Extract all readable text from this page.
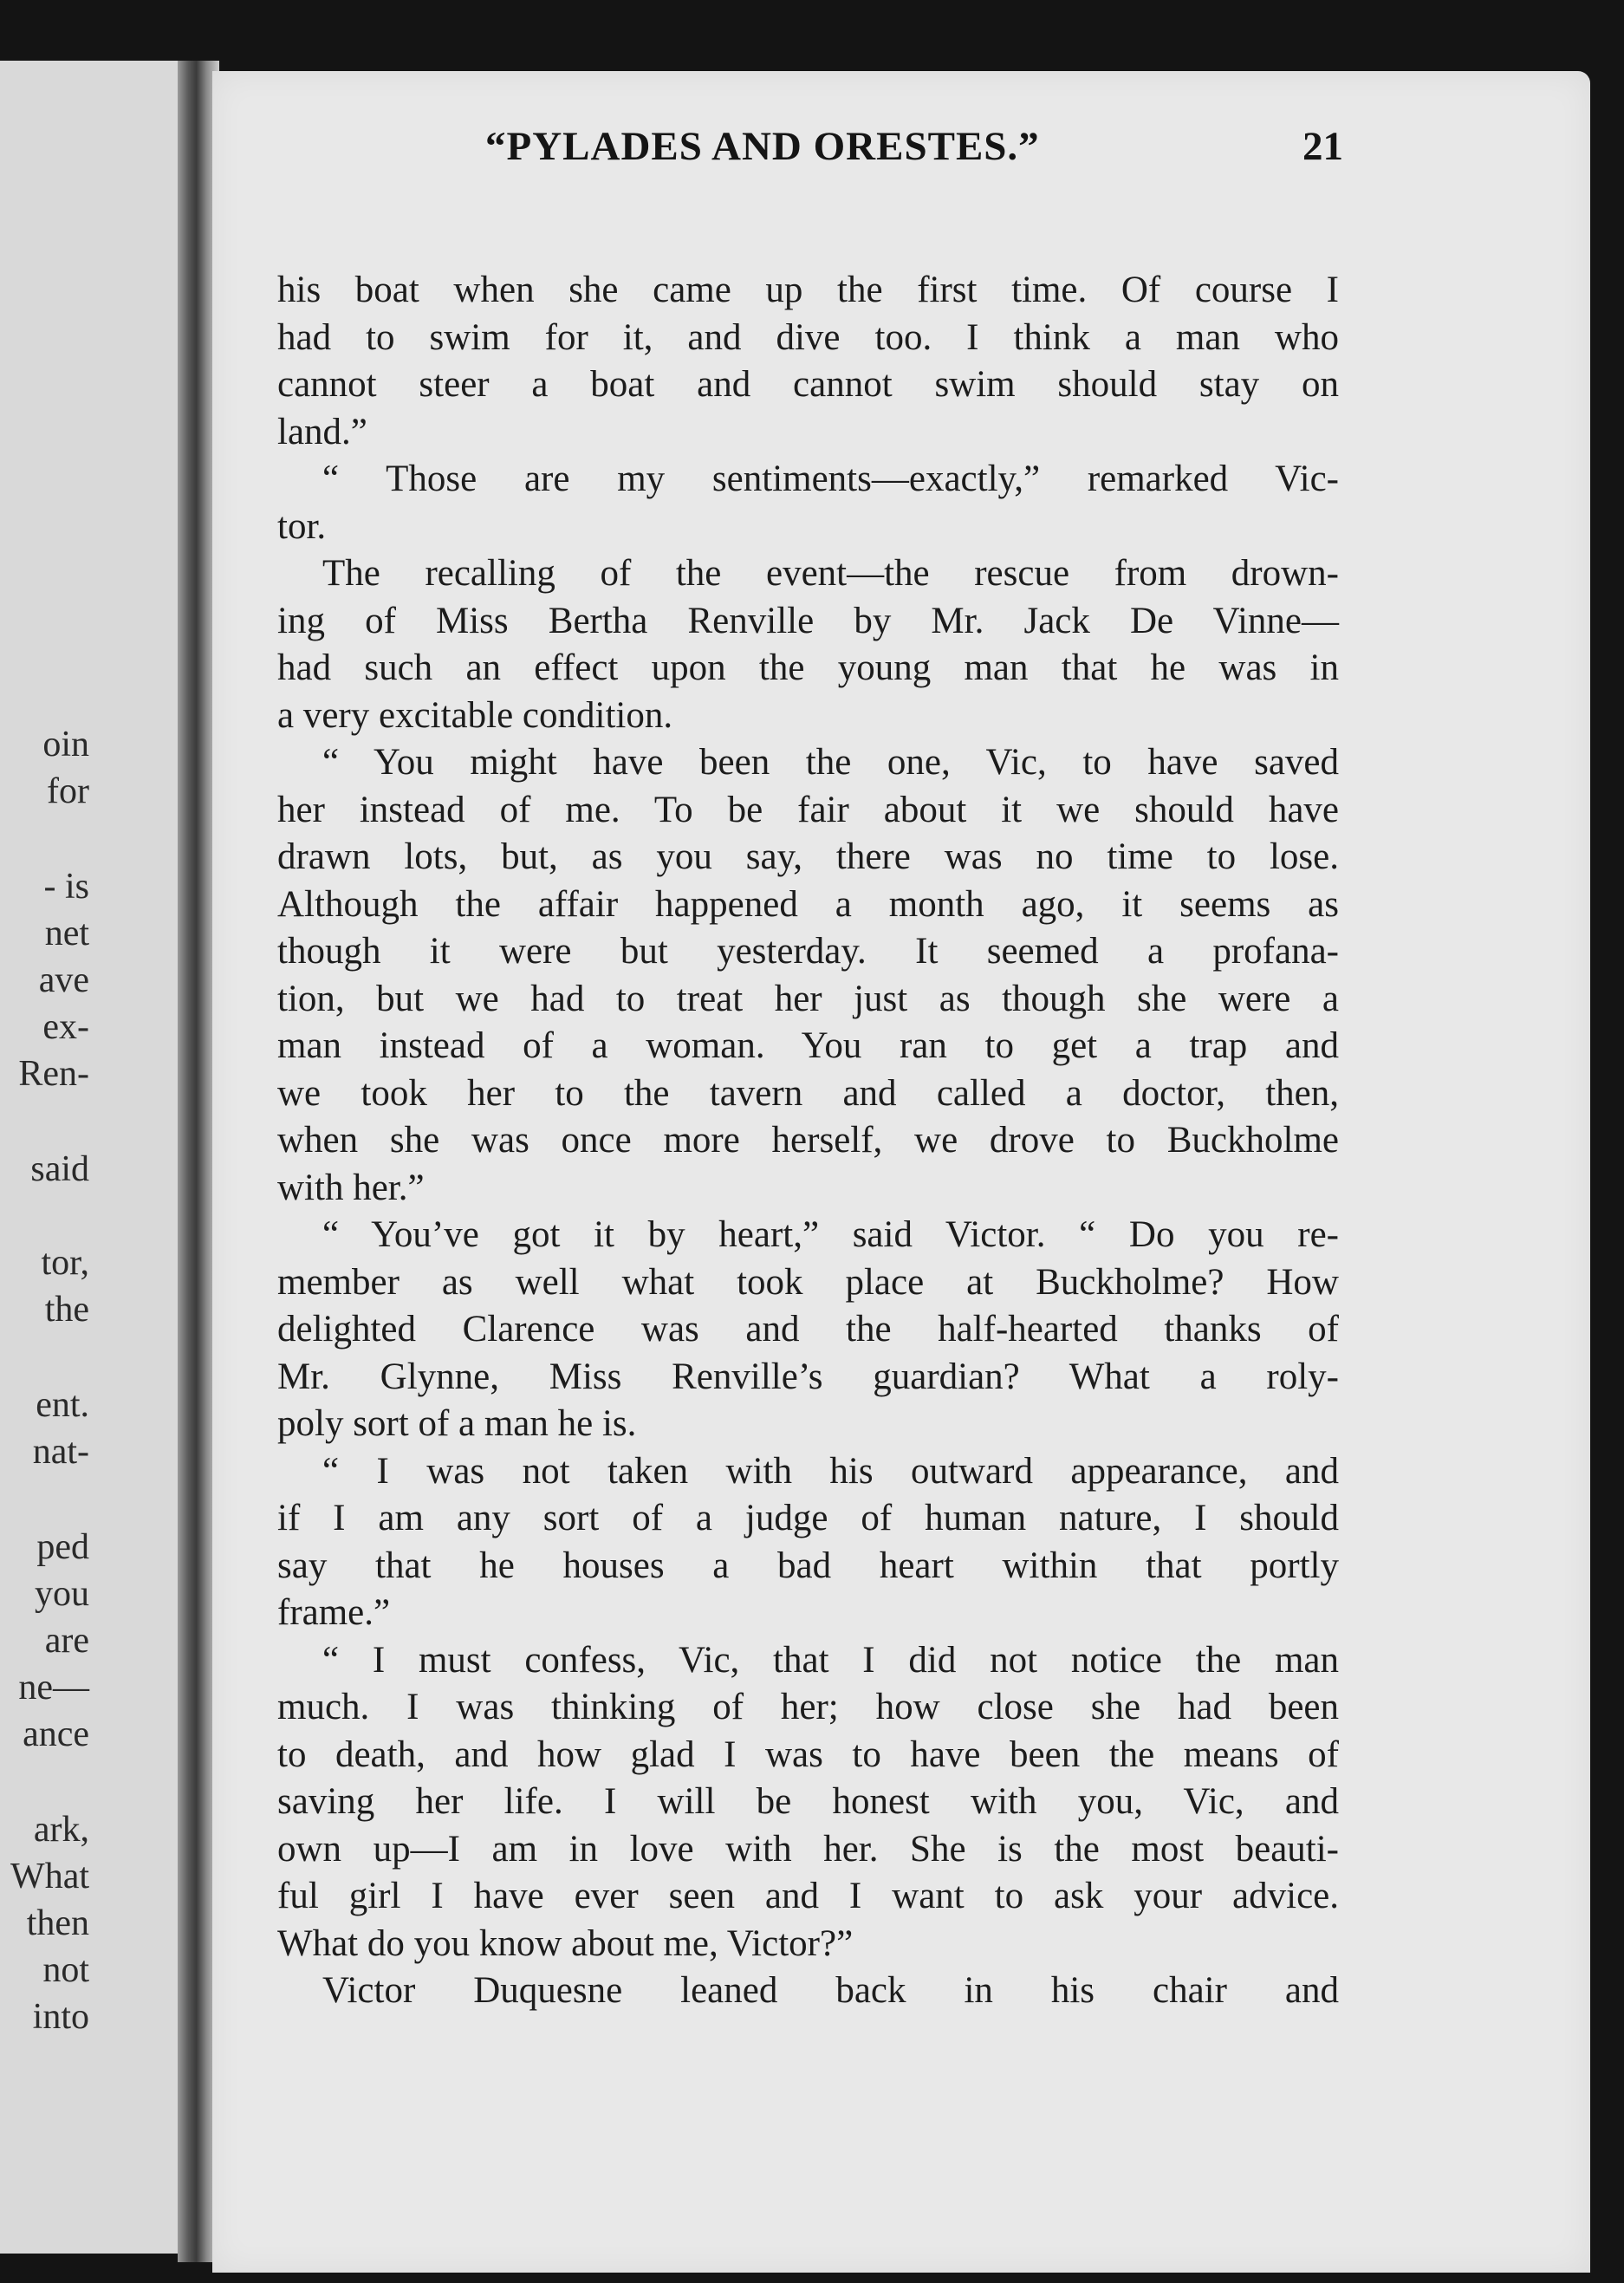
oin
for
- is
net
ave
ex-
Ren-
said
tor,
the
ent.
nat-
ped
you
are
ne—
ance
ark,
What
then
not
into
“PYLADES AND ORESTES.”	21
his boat when she came up the first time. Of course I
had to swim for it, and dive too. I think a man who
cannot steer a boat and cannot swim should stay on
land.”
“ Those are my sentiments—exactly,” remarked Vic-
tor.
The recalling of the event—the rescue from drown-
ing of Miss Bertha Renville by Mr. Jack De Vinne—
had such an effect upon the young man that he was in
a very excitable condition.
“ You might have been the one, Vic, to have saved
her instead of me. To be fair about it we should have
drawn lots, but, as you say, there was no time to lose.
Although the affair happened a month ago, it seems as
though it were but yesterday. It seemed a profana-
tion, but we had to treat her just as though she were a
man instead of a woman. You ran to get a trap and
we took her to the tavern and called a doctor, then,
when she was once more herself, we drove to Buckholme
with her.”
“ You’ve got it by heart,” said Victor. “ Do you re-
member as well what took place at Buckholme? How
delighted Clarence was and the half-hearted thanks of
Mr. Glynne, Miss Renville’s guardian? What a roly-
poly sort of a man he is.
“ I was not taken with his outward appearance, and
if I am any sort of a judge of human nature, I should
say that he houses a bad heart within that portly
frame.”
“ I must confess, Vic, that I did not notice the man
much. I was thinking of her; how close she had been
to death, and how glad I was to have been the means of
saving her life. I will be honest with you, Vic, and
own up—I am in love with her. She is the most beauti-
ful girl I have ever seen and I want to ask your advice.
What do you know about me, Victor?”
Victor Duquesne leaned back in his chair and
